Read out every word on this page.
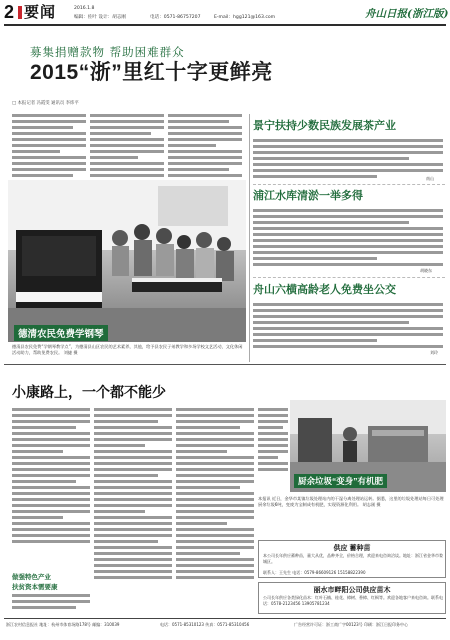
2 要闻	2016.1.8
编辑：佐叶 设计：胡志刚	电话：0571-86757207	E-mail：hgg121@163.com	舟山日报(浙江版)
募集捐赠款物 帮助困难群众
2015“浙”里红十字更鲜亮
□ 本报记者 冯霞雯 通讯员 李炜平
德清农民免费学钢琴
德清县农民免费“学钢琴教学点”，为德清县山区农民的艺术素养，其他，给予县农民子弟教学和多场学校文艺活动，文化休闲活动助力，帮助免费农民。 刘捷 摄
景宁扶持少数民族发展茶产业
南山
浦江水库清淤一举多得
胡晓东
舟山六横高龄老人免费坐公交
刘玲
小康路上，一个都不能少
做强特色产业
扶贫资本需要康
厨余垃圾“变身”有机肥
本报讯 近日，金华市某镇垃圾处理站内的干湿分离处理站运转。据悉，这里的垃圾处理站每日可处理厨余垃圾6吨，变废为宝制成有机肥，实现资源化利用。 胡志刚 摄
供应 蓄种苗
本公司长年供应蓄种苗，量大从优，品种齐全，价格合理，欢迎来电咨询洽谈。地址：浙江省金华市婺城区。
联系人：王先生 电话：0579-86609126 15158822390
丽水市畔阳公司供应苗木
公司长年供应各类绿化苗木：红叶石楠、桂花、樟树、香樟、红枫等。欢迎各地客户来电咨询。联系电话：0578-2123456 13905781234
浙江农村信息报社 地址：杭州市体育场路178号 邮编：310039	电话：0571-85310123 传真：0571-85310456	广告经营许可证：浙工商广字00123号 印刷：浙江日报印务中心
